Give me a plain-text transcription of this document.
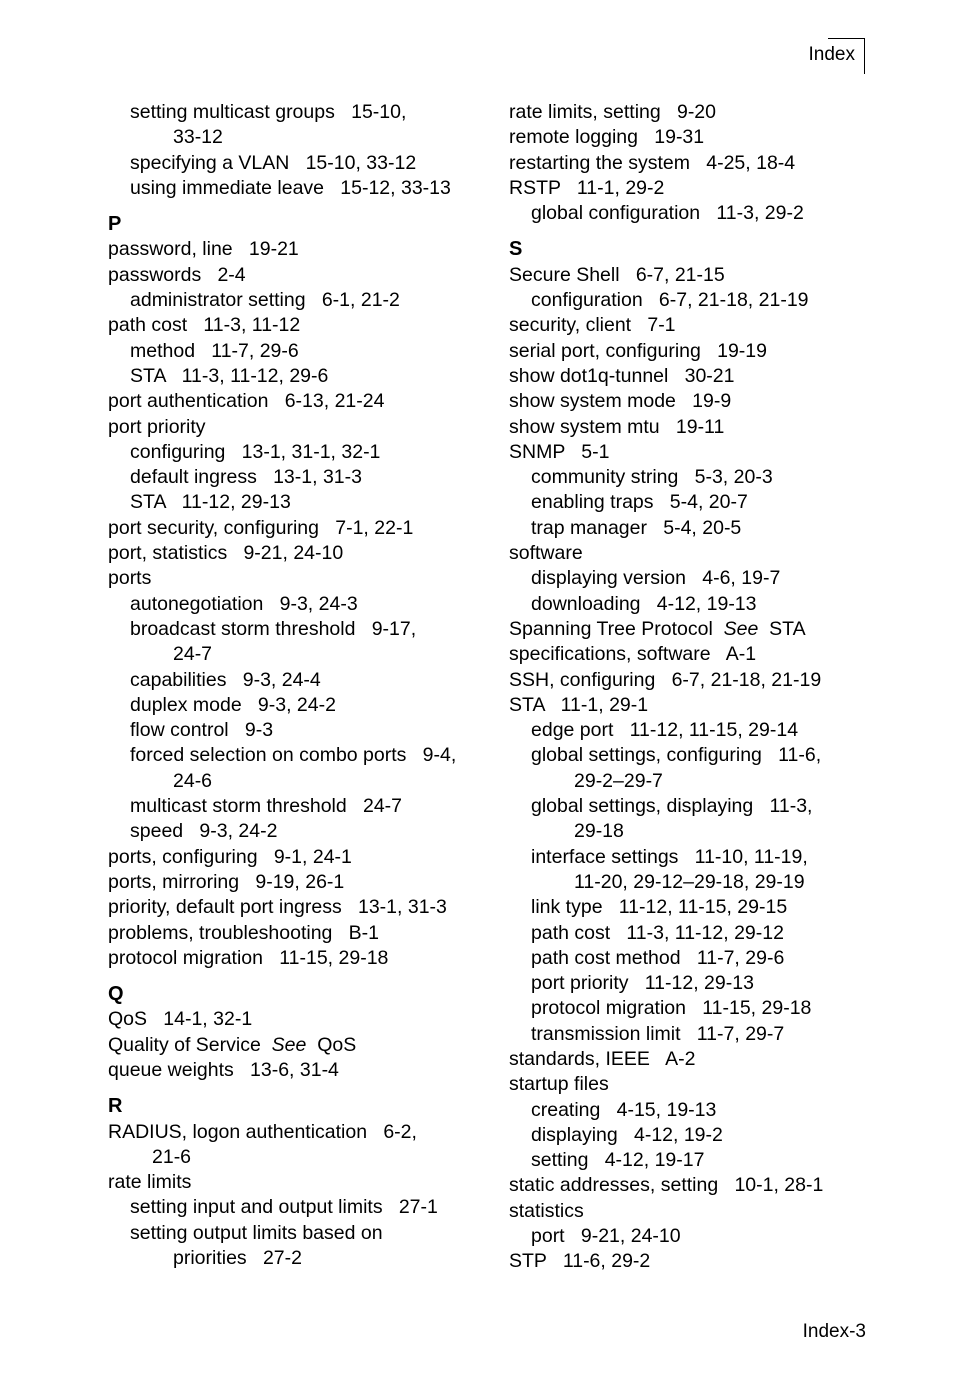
Index
setting multicast groups   15-10,
33-12
specifying a VLAN   15-10, 33-12
using immediate leave   15-12, 33-13
P
password, line   19-21
passwords   2-4
administrator setting   6-1, 21-2
path cost   11-3, 11-12
method   11-7, 29-6
STA   11-3, 11-12, 29-6
port authentication   6-13, 21-24
port priority
configuring   13-1, 31-1, 32-1
default ingress   13-1, 31-3
STA   11-12, 29-13
port security, configuring   7-1, 22-1
port, statistics   9-21, 24-10
ports
autonegotiation   9-3, 24-3
broadcast storm threshold   9-17,
24-7
capabilities   9-3, 24-4
duplex mode   9-3, 24-2
flow control   9-3
forced selection on combo ports   9-4,
24-6
multicast storm threshold   24-7
speed   9-3, 24-2
ports, configuring   9-1, 24-1
ports, mirroring   9-19, 26-1
priority, default port ingress   13-1, 31-3
problems, troubleshooting   B-1
protocol migration   11-15, 29-18
Q
QoS   14-1, 32-1
Quality of Service  See  QoS
queue weights   13-6, 31-4
R
RADIUS, logon authentication   6-2,
21-6
rate limits
setting input and output limits   27-1
setting output limits based on
priorities   27-2
rate limits, setting   9-20
remote logging   19-31
restarting the system   4-25, 18-4
RSTP   11-1, 29-2
global configuration   11-3, 29-2
S
Secure Shell   6-7, 21-15
configuration   6-7, 21-18, 21-19
security, client   7-1
serial port, configuring   19-19
show dot1q-tunnel   30-21
show system mode   19-9
show system mtu   19-11
SNMP   5-1
community string   5-3, 20-3
enabling traps   5-4, 20-7
trap manager   5-4, 20-5
software
displaying version   4-6, 19-7
downloading   4-12, 19-13
Spanning Tree Protocol  See  STA
specifications, software   A-1
SSH, configuring   6-7, 21-18, 21-19
STA   11-1, 29-1
edge port   11-12, 11-15, 29-14
global settings, configuring   11-6,
29-2–29-7
global settings, displaying   11-3,
29-18
interface settings   11-10, 11-19,
11-20, 29-12–29-18, 29-19
link type   11-12, 11-15, 29-15
path cost   11-3, 11-12, 29-12
path cost method   11-7, 29-6
port priority   11-12, 29-13
protocol migration   11-15, 29-18
transmission limit   11-7, 29-7
standards, IEEE   A-2
startup files
creating   4-15, 19-13
displaying   4-12, 19-2
setting   4-12, 19-17
static addresses, setting   10-1, 28-1
statistics
port   9-21, 24-10
STP   11-6, 29-2
Index-3
